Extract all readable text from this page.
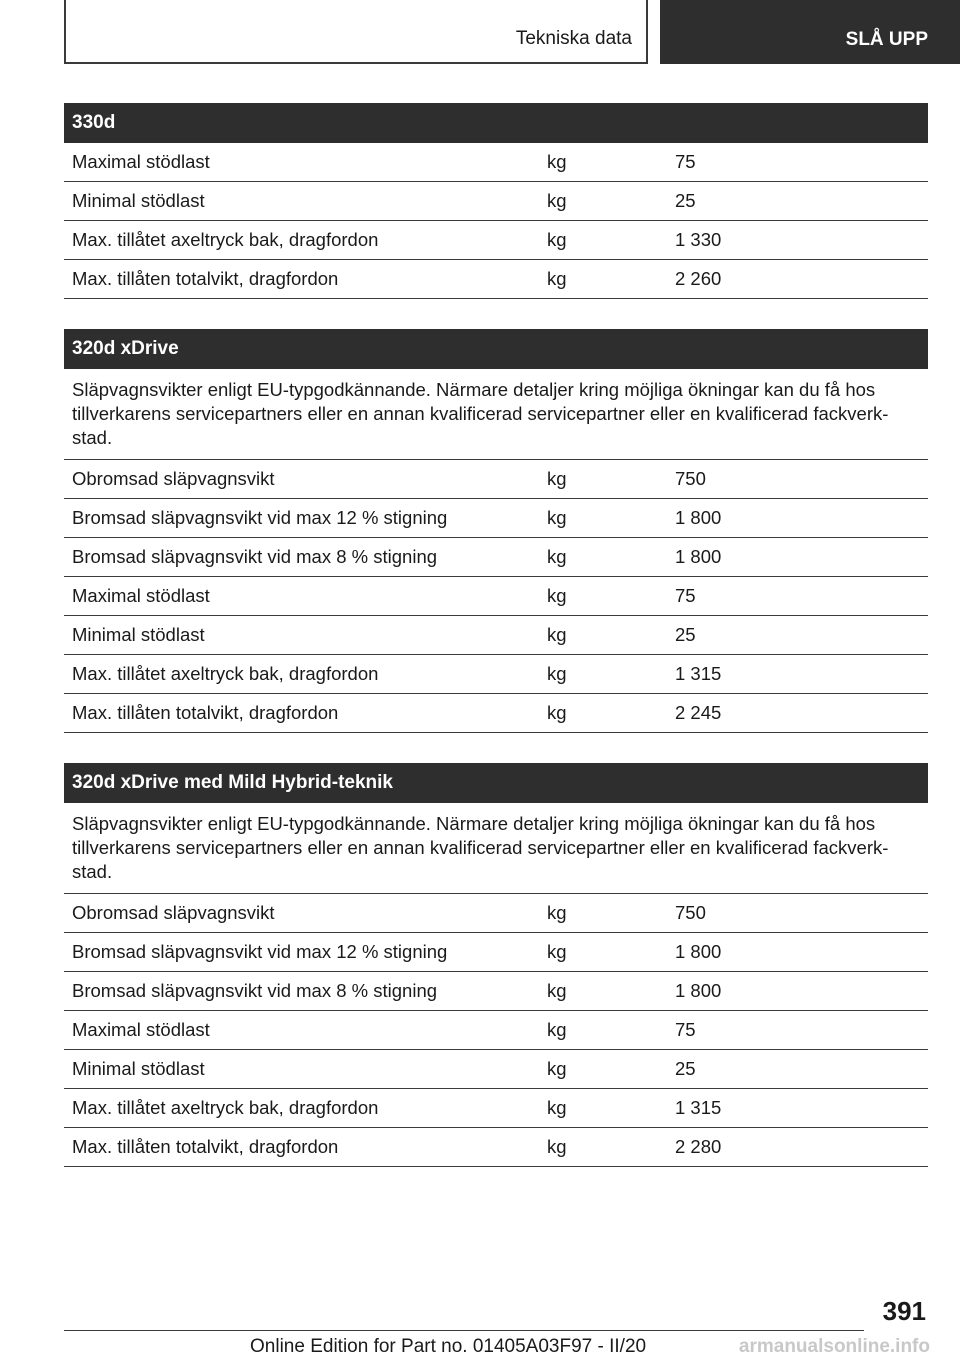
Tekniska data	SLÅ UPP
330d
Maximal stödlast	kg	75
Minimal stödlast	kg	25
Max. tillåtet axeltryck bak, dragfordon	kg	1 330
Max. tillåten totalvikt, dragfordon	kg	2 260
320d xDrive
Släpvagnsvikter enligt EU-typgodkännande. Närmare detaljer kring möjliga ökningar kan du få hos tillverkarens servicepartners eller en annan kvalificerad servicepartner eller en kvalificerad fackverk-stad.
Obromsad släpvagnsvikt	kg	750
Bromsad släpvagnsvikt vid max 12 % stigning	kg	1 800
Bromsad släpvagnsvikt vid max 8 % stigning	kg	1 800
Maximal stödlast	kg	75
Minimal stödlast	kg	25
Max. tillåtet axeltryck bak, dragfordon	kg	1 315
Max. tillåten totalvikt, dragfordon	kg	2 245
320d xDrive med Mild Hybrid-teknik
Släpvagnsvikter enligt EU-typgodkännande. Närmare detaljer kring möjliga ökningar kan du få hos tillverkarens servicepartners eller en annan kvalificerad servicepartner eller en kvalificerad fackverk-stad.
Obromsad släpvagnsvikt	kg	750
Bromsad släpvagnsvikt vid max 12 % stigning	kg	1 800
Bromsad släpvagnsvikt vid max 8 % stigning	kg	1 800
Maximal stödlast	kg	75
Minimal stödlast	kg	25
Max. tillåtet axeltryck bak, dragfordon	kg	1 315
Max. tillåten totalvikt, dragfordon	kg	2 280
391
Online Edition for Part no. 01405A03F97 - II/20	armanualsonline.info
